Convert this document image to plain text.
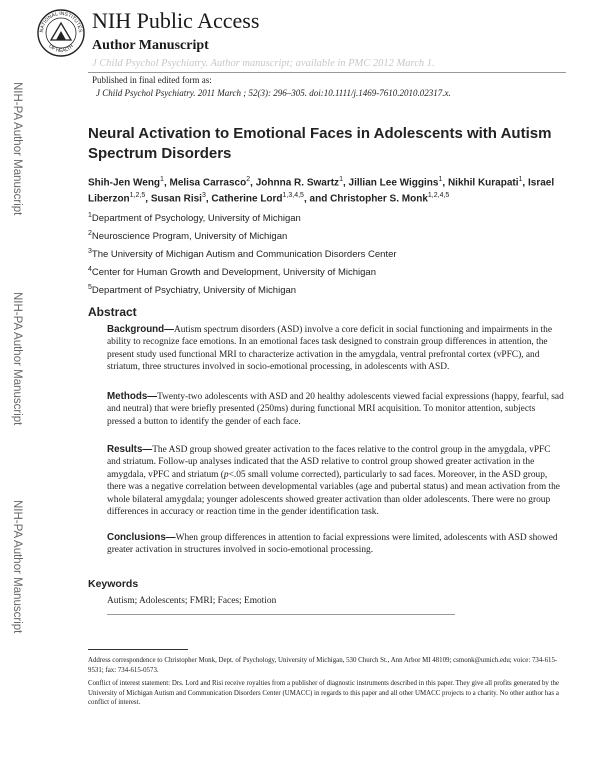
NATIONAL INSTITUTES
OF HEALTH
NIH Public Access
Author Manuscript
J Child Psychol Psychiatry. Author manuscript; available in PMC 2012 March 1.
Published in final edited form as:
J Child Psychol Psychiatry. 2011 March ; 52(3): 296–305. doi:10.1111/j.1469-7610.2010.02317.x.
NIH-PA Author Manuscript
NIH-PA Author Manuscript
NIH-PA Author Manuscript
Neural Activation to Emotional Faces in Adolescents with Autism Spectrum Disorders
Shih-Jen Weng$^1$, Melisa Carrasco$^2$, Johnna R. Swartz$^1$, Jillian Lee Wiggins$^1$, Nikhil Kurapati$^1$, Israel Liberzon$^{1,2,5}$, Susan Risi$^3$, Catherine Lord$^{1,3,4,5}$, and Christopher S. Monk$^{1,2,4,5}$
$^1$Department of Psychology, University of Michigan
$^2$Neuroscience Program, University of Michigan
$^3$The University of Michigan Autism and Communication Disorders Center
$^4$Center for Human Growth and Development, University of Michigan
$^5$Department of Psychiatry, University of Michigan
Abstract
Background—Autism spectrum disorders (ASD) involve a core deficit in social functioning and impairments in the ability to recognize face emotions. In an emotional faces task designed to constrain group differences in attention, the present study used functional MRI to characterize activation in the amygdala, ventral prefrontal cortex (vPFC), and striatum, three structures involved in socio-emotional processing, in adolescents with ASD.
Methods—Twenty-two adolescents with ASD and 20 healthy adolescents viewed facial expressions (happy, fearful, sad and neutral) that were briefly presented (250ms) during functional MRI acquisition. To monitor attention, subjects pressed a button to identify the gender of each face.
Results—The ASD group showed greater activation to the faces relative to the control group in the amygdala, vPFC and striatum. Follow-up analyses indicated that the ASD relative to control group showed greater activation in the amygdala, vPFC and striatum (p<.05 small volume corrected), particularly to sad faces. Moreover, in the ASD group, there was a negative correlation between developmental variables (age and pubertal status) and mean activation from the whole bilateral amygdala; younger adolescents showed greater activation than older adolescents. There were no group differences in accuracy or reaction time in the gender identification task.
Conclusions—When group differences in attention to facial expressions were limited, adolescents with ASD showed greater activation in structures involved in socio-emotional processing.
Keywords
Autism; Adolescents; FMRI; Faces; Emotion
Address correspondence to Christopher Monk, Dept. of Psychology, University of Michigan, 530 Church St., Ann Arbor MI 48109; csmonk@umich.edu; voice: 734-615-9531; fax: 734-615-0573.
Conflict of interest statement: Drs. Lord and Risi receive royalties from a publisher of diagnostic instruments described in this paper. They give all profits generated by the University of Michigan Autism and Communication Disorders Center (UMACC) in regards to this paper and all other UMACC projects to a charity. No other author has a conflict of interest.
